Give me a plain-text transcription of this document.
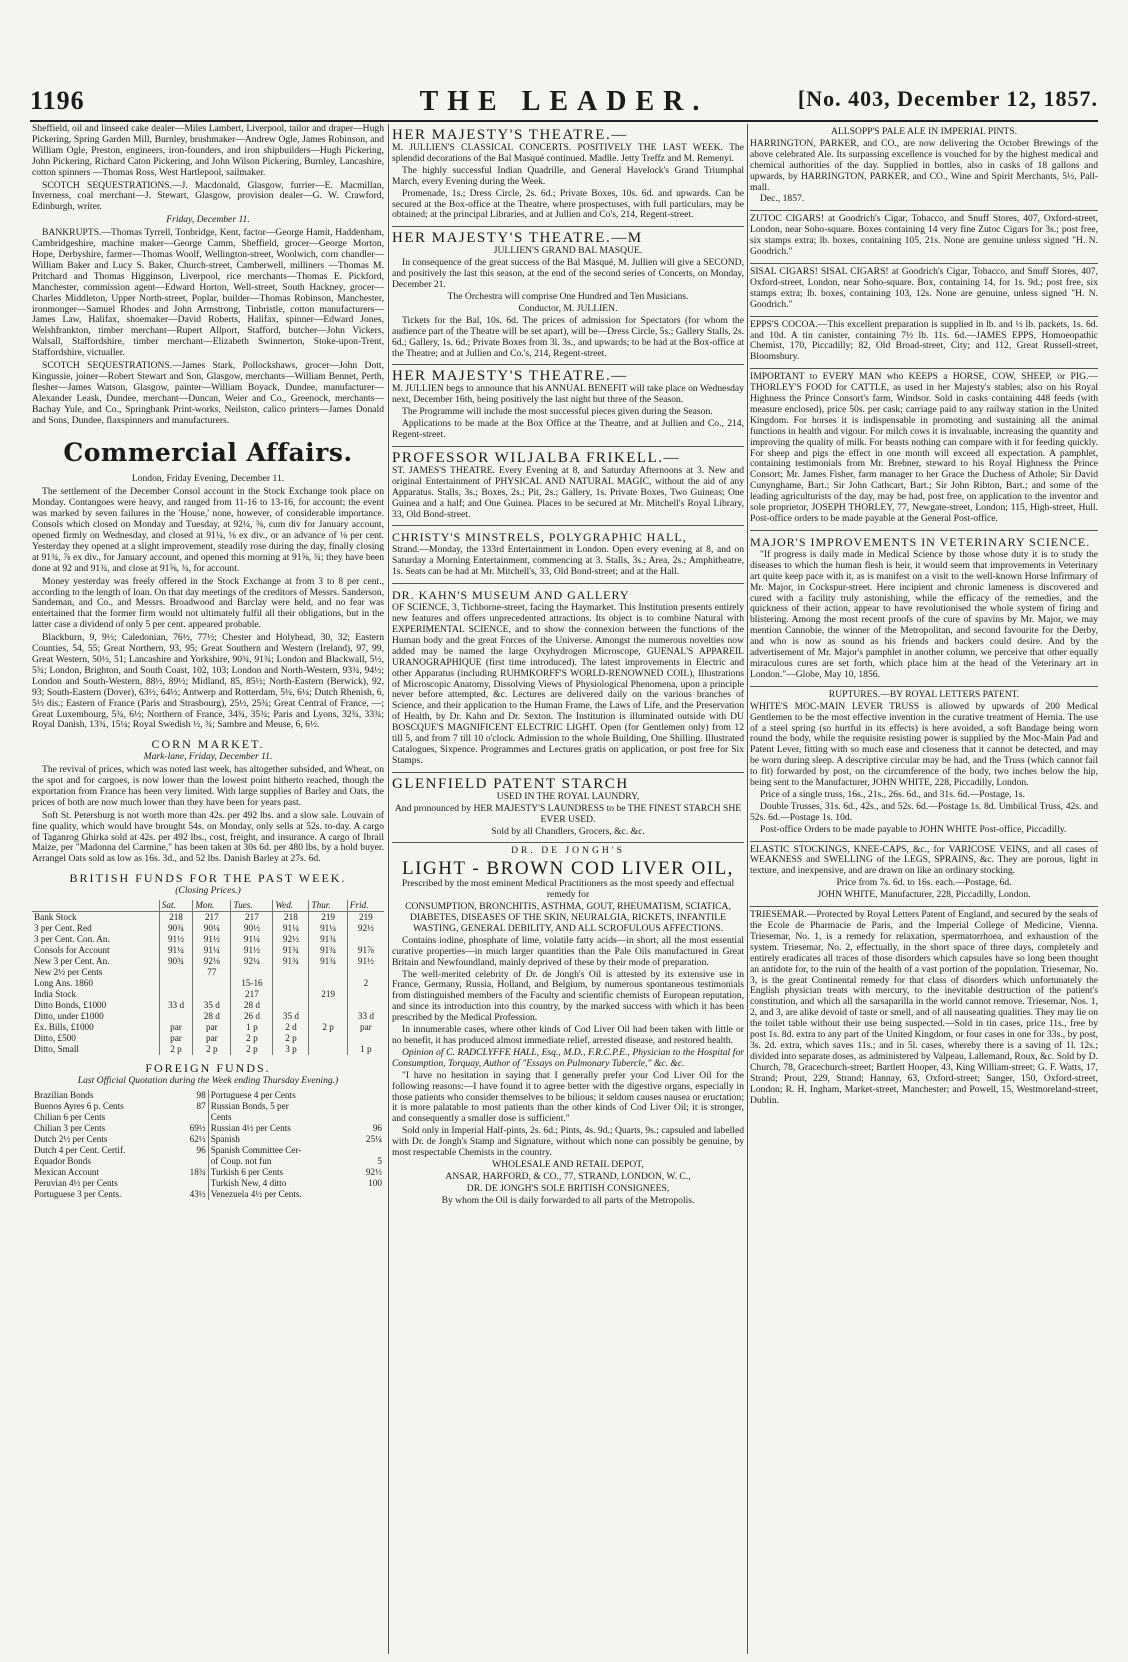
1196	THE LEADER.	[No. 403, December 12, 1857.

Sheffield, oil and linseed cake dealer—Miles Lambert, Liverpool, tailor and draper—Hugh Pickering, Spring Garden Mill, Burnley, brushmaker—Andrew Ogle, James Robinson, and William Ogle, Preston, engineers, iron-founders, and iron shipbuilders—Hugh Pickering, John Pickering, Richard Caton Pickering, and John Wilson Pickering, Burnley, Lancashire, cotton spinners —Thomas Ross, West Hartlepool, sailmaker.

SCOTCH SEQUESTRATIONS.—J. Macdonald, Glasgow, furrier—E. Macmillan, Inverness, coal merchant—J. Stewart, Glasgow, provision dealer—G. W. Crawford, Edinburgh, writer.

Friday, December 11.

BANKRUPTS.—Thomas Tyrrell, Tonbridge, Kent, factor—George Hamit, Haddenham, Cambridgeshire, machine maker—George Camm, Sheffield, grocer—George Morton, Hope, Derbyshire, farmer—Thomas Woolf, Wellington-street, Woolwich, corn chandler—William Baker and Lucy S. Baker, Church-street, Camberwell, milliners —Thomas M. Pritchard and Thomas Higginson, Liverpool, rice merchants—Thomas E. Pickford, Manchester, commission agent—Edward Horton, Well-street, South Hackney, grocer—Charles Middleton, Upper North-street, Poplar, builder—Thomas Robinson, Manchester, ironmonger—Samuel Rhodes and John Armstrong, Tinbristle, cotton manufacturers—James Law, Halifax, shoemaker—David Roberts, Halifax, spinner—Edward Jones, Welshfrankton, timber merchant—Rupert Allport, Stafford, butcher—John Vickers, Walsall, Staffordshire, timber merchant—Elizabeth Swinnerton, Stoke-upon-Trent, Staffordshire, victualler.

SCOTCH SEQUESTRATIONS.—James Stark, Pollockshaws, grocer—John Dott, Kingussie, joiner—Robert Stewart and Son, Glasgow, merchants—William Bennet, Perth, flesher—James Watson, Glasgow, painter—William Boyack, Dundee, manufacturer—Alexander Leask, Dundee, merchant—Duncan, Weier and Co., Greenock, merchants—Bachay Yule, and Co., Springbank Print-works, Neilston, calico printers—James Donald and Sons, Dundee, flaxspinners and manufacturers.

Commercial Affairs.

London, Friday Evening, December 11.

The settlement of the December Consol account in the Stock Exchange took place on Monday. Contangoes were heavy, and ranged from 11-16 to 13-16, for account; the event was marked by seven failures in the 'House,' none, however, of considerable importance. Consols which closed on Monday and Tuesday, at 92¼, ⅜, cum div for January account, opened firmly on Wednesday, and closed at 91¼, ⅛ ex div., or an advance of ⅛ per cent. Yesterday they opened at a slight improvement, steadily rose during the day, finally closing at 91¾, ⅞ ex div., for January account, and opened this morning at 91⅝, ¾; they have been done at 92 and 91¾, and close at 91⅝, ¾, for account.

Money yesterday was freely offered in the Stock Exchange at from 3 to 8 per cent., according to the length of loan. On that day meetings of the creditors of Messrs. Sanderson, Sandeman, and Co., and Messrs. Broadwood and Barclay were held, and no fear was entertained that the former firm would not ultimately fulfil all their obligations, but in the latter case a dividend of only 5 per cent. appeared probable.

Blackburn, 9, 9½; Caledonian, 76½, 77½; Chester and Holyhead, 30, 32; Eastern Counties, 54, 55; Great Northern, 93, 95; Great Southern and Western (Ireland), 97, 99, Great Western, 50½, 51; Lancashire and Yorkshire, 90¾, 91¾; London and Blackwall, 5½, 5¾; London, Brighton, and South Coast, 102, 103; London and North-Western, 93¾, 94½; London and South-Western, 88½, 89½; Midland, 85, 85½; North-Eastern (Berwick), 92, 93; South-Eastern (Dover), 63½, 64½; Antwerp and Rotterdam, 5¼, 6¼; Dutch Rhenish, 6, 5½ dis.; Eastern of France (Paris and Strasbourg), 25½, 25¾; Great Central of France, —; Great Luxembourg, 5¾, 6½; Northern of France, 34¾, 35¾; Paris and Lyons, 32¾, 33¾; Royal Danish, 13¾, 15¼; Royal Swedish ½, ¾; Sambre and Meuse, 6, 6½.

CORN MARKET.

Mark-lane, Friday, December 11.

The revival of prices, which was noted last week, has altogether subsided, and Wheat, on the spot and for cargoes, is now lower than the lowest point hitherto reached, though the exportation from France has been very limited. With large supplies of Barley and Oats, the prices of both are now much lower than they have been for years past.

Soft St. Petersburg is not worth more than 42s. per 492 lbs. and a slow sale. Louvain of fine quality, which would have brought 54s. on Monday, only sells at 52s. to-day. A cargo of Taganrog Ghirka sold at 42s. per 492 lbs., cost, freight, and insurance. A cargo of Ibrail Maize, per "Madonna del Carmine," has been taken at 30s 6d. per 480 lbs, by a hold buyer. Arrangel Oats sold as low as 16s. 3d., and 52 lbs. Danish Barley at 27s. 6d.

BRITISH FUNDS FOR THE PAST WEEK.
(Closing Prices.)
	Sat.	Mon.	Tues.	Wed.	Thur.	Frid.
Bank Stock	218	217	217	218	219	219
3 per Cent. Red	90¾	90¼	90½	91¼	91¼	92½
3 per Cent. Con. An.	91½	91½	91¼	92½	91¾	
Consols for Account	91¼	91¼	91½	91¾	91¾	91⅞
New 3 per Cent. An.	90¾	92⅛	92¼	91¾	91¾	91½
New 2½ per Cents		77				
Long Ans. 1860			15-16			2
India Stock			217		219	
Ditto Bonds, £1000	33 d	35 d	28 d			
Ditto, under £1000		28 d	26 d	35 d		33 d
Ex. Bills, £1000	par	par	1 p	2 d	2 p	par
Ditto, £500	par	par	2 p	2 p		
Ditto, Small	2 p	2 p	2 p	3 p		1 p
FOREIGN FUNDS.
Last Official Quotation during the Week ending Thursday Evening.)
Brazilian Bonds	98	Portuguese 4 per Cents	
Buenos Ayres 6 p. Cents	87	Russian Bonds, 5 per	
Chilian 6 per Cents		Cents	
Chilian 3 per Cents	69½	Russian 4½ per Cents	96
Dutch 2½ per Cents	62½	Spanish	25¼
Dutch 4 per Cent. Certif.	96	Spanish Committee Cer-	
Equador Bonds		of Coup. not fun	5
Mexican Account	18¾	Turkish 6 per Cents	92½
Peruvian 4½ per Cents		Turkish New, 4 ditto	100
Portuguese 3 per Cents.	43½	Venezuela 4½ per Cents.	
HER MAJESTY'S THEATRE.—

M. JULLIEN'S CLASSICAL CONCERTS. POSITIVELY THE LAST WEEK. The splendid decorations of the Bal Masqué continued. Madlle. Jetty Treffz and M. Remenyi.

The highly successful Indian Quadrille, and General Havelock's Grand Triumphal March, every Evening during the Week.

Promenade, 1s.; Dress Circle, 2s. 6d.; Private Boxes, 10s. 6d. and upwards. Can be secured at the Box-office at the Theatre, where prospectuses, with full particulars, may be obtained; at the principal Libraries, and at Jullien and Co's, 214, Regent-street.

HER MAJESTY'S THEATRE.—M

JULLIEN'S GRAND BAL MASQUE.

In consequence of the great success of the Bal Masqué, M. Jullien will give a SECOND, and positively the last this season, at the end of the second series of Concerts, on Monday, December 21.

The Orchestra will comprise One Hundred and Ten Musicians.

Conductor, M. JULLIEN.

Tickets for the Bal, 10s. 6d. The prices of admission for Spectators (for whom the audience part of the Theatre will be set apart), will be—Dress Circle, 5s.; Gallery Stalls, 2s. 6d.; Gallery, 1s. 6d.; Private Boxes from 3l. 3s., and upwards; to be had at the Box-office at the Theatre; and at Jullien and Co.'s, 214, Regent-street.

HER MAJESTY'S THEATRE.—

M. JULLIEN begs to announce that his ANNUAL BENEFIT will take place on Wednesday next, December 16th, being positively the last night but three of the Season.

The Programme will include the most successful pieces given during the Season.

Applications to be made at the Box Office at the Theatre, and at Jullien and Co., 214, Regent-street.

PROFESSOR WILJALBA FRIKELL.—

ST. JAMES'S THEATRE. Every Evening at 8, and Saturday Afternoons at 3. New and original Entertainment of PHYSICAL AND NATURAL MAGIC, without the aid of any Apparatus. Stalls, 3s.; Boxes, 2s.; Pit, 2s.; Gallery, 1s. Private Boxes, Two Guineas; One Guinea and a half; and One Guinea. Places to be secured at Mr. Mitchell's Royal Library, 33, Old Bond-street.

CHRISTY'S MINSTRELS, POLYGRAPHIC HALL,

Strand.—Monday, the 133rd Entertainment in London. Open every evening at 8, and on Saturday a Morning Entertainment, commencing at 3. Stalls, 3s.; Area, 2s.; Amphitheatre, 1s. Seats can be had at Mr. Mitchell's, 33, Old Bond-street; and at the Hall.

DR. KAHN'S MUSEUM AND GALLERY

OF SCIENCE, 3, Tichborne-street, facing the Haymarket. This Institution presents entirely new features and offers unprecedented attractions. Its object is to combine Natural with EXPERIMENTAL SCIENCE, and to show the connexion between the functions of the Human body and the great Forces of the Universe. Amongst the numerous novelties now added may be named the large Oxyhydrogen Microscope, GUENAL'S APPAREIL URANOGRAPHIQUE (first time introduced). The latest improvements in Electric and other Apparatus (including RUHMKORFF'S WORLD-RENOWNED COIL), Illustrations of Microscopic Anatomy, Dissolving Views of Physiological Phenomena, upon a principle never before attempted, &c. Lectures are delivered daily on the various branches of Science, and their application to the Human Frame, the Laws of Life, and the Preservation of Health, by Dr. Kahn and Dr. Sexton. The Institution is illuminated outside with DU BOSCQUE'S MAGNIFICENT ELECTRIC LIGHT. Open (for Gentlemen only) from 12 till 5, and from 7 till 10 o'clock. Admission to the whole Building, One Shilling. Illustrated Catalogues, Sixpence. Programmes and Lectures gratis on application, or post free for Six Stamps.

GLENFIELD PATENT STARCH

USED IN THE ROYAL LAUNDRY,

And pronounced by HER MAJESTY'S LAUNDRESS to be THE FINEST STARCH SHE EVER USED.

Sold by all Chandlers, Grocers, &c. &c.

DR. DE JONGH'S

LIGHT - BROWN COD LIVER OIL,

Prescribed by the most eminent Medical Practitioners as the most speedy and effectual remedy for

CONSUMPTION, BRONCHITIS, ASTHMA, GOUT, RHEUMATISM, SCIATICA, DIABETES, DISEASES OF THE SKIN, NEURALGIA, RICKETS, INFANTILE WASTING, GENERAL DEBILITY, AND ALL SCROFULOUS AFFECTIONS.

Contains iodine, phosphate of lime, volatile fatty acids—in short, all the most essential curative properties—in much larger quantities than the Pale Oils manufactured in Great Britain and Newfoundland, mainly deprived of these by their mode of preparation.

The well-merited celebrity of Dr. de Jongh's Oil is attested by its extensive use in France, Germany, Russia, Holland, and Belgium, by numerous spontaneous testimonials from distinguished members of the Faculty and scientific chemists of European reputation, and since its introduction into this country, by the marked success with which it has been prescribed by the Medical Profession.

In innumerable cases, where other kinds of Cod Liver Oil had been taken with little or no benefit, it has produced almost immediate relief, arrested disease, and restored health.

Opinion of C. RADCLYFFE HALL, Esq., M.D., F.R.C.P.E., Physician to the Hospital for Consumption, Torquay, Author of "Essays on Pulmonary Tubercle," &c. &c.

"I have no hesitation in saying that I generally prefer your Cod Liver Oil for the following reasons:—I have found it to agree better with the digestive organs, especially in those patients who consider themselves to be bilious; it seldom causes nausea or eructation; it is more palatable to most patients than the other kinds of Cod Liver Oil; it is stronger, and consequently a smaller dose is sufficient."

Sold only in Imperial Half-pints, 2s. 6d.; Pints, 4s. 9d.; Quarts, 9s.; capsuled and labelled with Dr. de Jongh's Stamp and Signature, without which none can possibly be genuine, by most respectable Chemists in the country.

WHOLESALE AND RETAIL DEPOT,

ANSAR, HARFORD, & CO., 77, STRAND, LONDON, W. C.,

DR. DE JONGH'S SOLE BRITISH CONSIGNEES,

By whom the Oil is daily forwarded to all parts of the Metropolis.

ALLSOPP'S PALE ALE IN IMPERIAL PINTS.

HARRINGTON, PARKER, and CO., are now delivering the October Brewings of the above celebrated Ale. Its surpassing excellence is vouched for by the highest medical and chemical authorities of the day. Supplied in bottles, also in casks of 18 gallons and upwards, by HARRINGTON, PARKER, and CO., Wine and Spirit Merchants, 5½, Pall-mall.

Dec., 1857.

ZUTOC CIGARS! at Goodrich's Cigar, Tobacco, and Snuff Stores, 407, Oxford-street, London, near Soho-square. Boxes containing 14 very fine Zutoc Cigars for 3s.; post free, six stamps extra; lb. boxes, containing 105, 21s. None are genuine unless signed "H. N. Goodrich."

SISAL CIGARS! SISAL CIGARS! at Goodrich's Cigar, Tobacco, and Snuff Stores, 407, Oxford-street, London, near Soho-square. Box, containing 14, for 1s. 9d.; post free, six stamps extra; lb. boxes, containing 103, 12s. None are genuine, unless signed "H. N. Goodrich."

EPPS'S COCOA.—This excellent preparation is supplied in lb. and ½ lb. packets, 1s. 6d. and 10d. A tin canister, containing 7½ lb. 11s. 6d.—JAMES EPPS, Homoeopathic Chemist, 170, Piccadilly; 82, Old Broad-street, City; and 112, Great Russell-street, Bloomsbury.

IMPORTANT to EVERY MAN who KEEPS a HORSE, COW, SHEEP, or PIG.—THORLEY'S FOOD for CATTLE, as used in her Majesty's stables; also on his Royal Highness the Prince Consort's farm, Windsor. Sold in casks containing 448 feeds (with measure enclosed), price 50s. per cask; carriage paid to any railway station in the United Kingdom. For horses it is indispensable in promoting and sustaining all the animal functions in health and vigour. For milch cows it is invaluable, increasing the quantity and improving the quality of milk. For beasts nothing can compare with it for feeding quickly. For sheep and pigs the effect in one month will exceed all expectation. A pamphlet, containing testimonials from Mr. Brebner, steward to his Royal Highness the Prince Consort; Mr. James Fisher, farm manager to her Grace the Duchess of Athole; Sir David Cunynghame, Bart.; Sir John Cathcart, Bart.; Sir John Ribton, Bart.; and some of the leading agriculturists of the day, may be had, post free, on application to the inventor and sole proprietor, JOSEPH THORLEY, 77, Newgate-street, London; 115, High-street, Hull. Post-office orders to be made payable at the General Post-office.

MAJOR'S IMPROVEMENTS IN VETERINARY SCIENCE.

"If progress is daily made in Medical Science by those whose duty it is to study the diseases to which the human flesh is heir, it would seem that improvements in Veterinary art quite keep pace with it, as is manifest on a visit to the well-known Horse Infirmary of Mr. Major, in Cockspur-street. Here incipient and chronic lameness is discovered and cured with a facility truly astonishing, while the efficacy of the remedies, and the quickness of their action, appear to have revolutionised the whole system of firing and blistering. Among the most recent proofs of the cure of spavins by Mr. Major, we may mention Cannobie, the winner of the Metropolitan, and second favourite for the Derby, and who is now as sound as his friends and backers could desire. And by the advertisement of Mr. Major's pamphlet in another column, we perceive that other equally miraculous cures are set forth, which place him at the head of the Veterinary art in London."—Globe, May 10, 1856.

RUPTURES.—BY ROYAL LETTERS PATENT.

WHITE'S MOC-MAIN LEVER TRUSS is allowed by upwards of 200 Medical Gentlemen to be the most effective invention in the curative treatment of Hernia. The use of a steel spring (so hurtful in its effects) is here avoided, a soft Bandage being worn round the body, while the requisite resisting power is supplied by the Moc-Main Pad and Patent Lever, fitting with so much ease and closeness that it cannot be detected, and may be worn during sleep. A descriptive circular may be had, and the Truss (which cannot fail to fit) forwarded by post, on the circumference of the body, two inches below the hip, being sent to the Manufacturer, JOHN WHITE, 228, Piccadilly, London.

Price of a single truss, 16s., 21s., 26s. 6d., and 31s. 6d.—Postage, 1s.

Double Trusses, 31s. 6d., 42s., and 52s. 6d.—Postage 1s. 8d. Umbilical Truss, 42s. and 52s. 6d.—Postage 1s. 10d.

Post-office Orders to be made payable to JOHN WHITE Post-office, Piccadilly.

ELASTIC STOCKINGS, KNEE-CAPS, &c., for VARICOSE VEINS, and all cases of WEAKNESS and SWELLING of the LEGS, SPRAINS, &c. They are porous, light in texture, and inexpensive, and are drawn on like an ordinary stocking.

Price from 7s. 6d. to 16s. each.—Postage, 6d.

JOHN WHITE, Manufacturer, 228, Piccadilly, London.

TRIESEMAR.—Protected by Royal Letters Patent of England, and secured by the seals of the Ecole de Pharmacie de Paris, and the Imperial College of Medicine, Vienna. Triesemar, No. 1, is a remedy for relaxation, spermatorrhoea, and exhaustion of the system. Triesemar, No. 2, effectually, in the short space of three days, completely and entirely eradicates all traces of those disorders which capsules have so long been thought an antidote for, to the ruin of the health of a vast portion of the population. Triesemar, No. 3, is the great Continental remedy for that class of disorders which unfortunately the English physician treats with mercury, to the inevitable destruction of the patient's constitution, and which all the sarsaparilla in the world cannot remove. Triesemar, Nos. 1, 2, and 3, are alike devoid of taste or smell, and of all nauseating qualities. They may lie on the toilet table without their use being suspected.—Sold in tin cases, price 11s., free by post 1s. 8d. extra to any part of the United Kingdom, or four cases in one for 33s., by post, 3s. 2d. extra, which saves 11s.; and in 5l. cases, whereby there is a saving of 1l. 12s.; divided into separate doses, as administered by Valpeau, Lallemand, Roux, &c. Sold by D. Church, 78, Gracechurch-street; Bartlett Hooper, 43, King William-street; G. F. Watts, 17, Strand; Prout, 229, Strand; Hannay, 63, Oxford-street; Sanger, 150, Oxford-street, London; R. H. Ingham, Market-street, Manchester; and Powell, 15, Westmoreland-street, Dublin.
